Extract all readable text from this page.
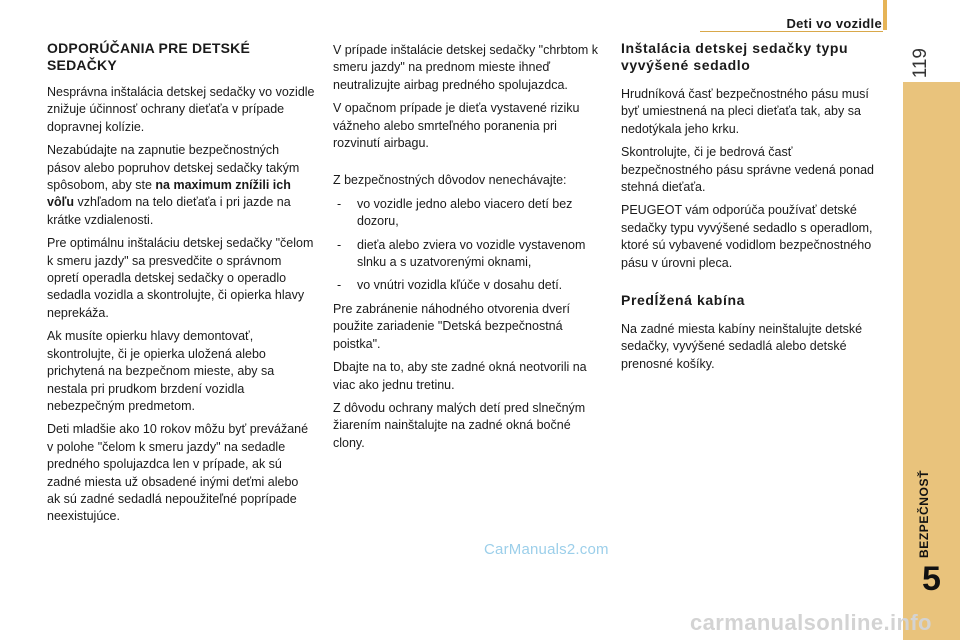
Deti vo vozidle
119
BEZPEČNOSŤ
5
ODPORÚČANIA PRE DETSKÉ SEDAČKY

Nesprávna inštalácia detskej sedačky vo vozidle znižuje účinnosť ochrany dieťaťa v prípade dopravnej kolízie.

Nezabúdajte na zapnutie bezpečnostných pásov alebo popruhov detskej sedačky takým spôsobom, aby ste na maximum znížili ich vôľu vzhľadom na telo dieťaťa i pri jazde na krátke vzdialenosti.

Pre optimálnu inštaláciu detskej sedačky "čelom k smeru jazdy" sa presvedčite o správnom opretí operadla detskej sedačky o operadlo sedadla vozidla a skontrolujte, či opierka hlavy neprekáža.

Ak musíte opierku hlavy demontovať, skontrolujte, či je opierka uložená alebo prichytená na bezpečnom mieste, aby sa nestala pri prudkom brzdení vozidla nebezpečným predmetom.

Deti mladšie ako 10 rokov môžu byť prevážané v polohe "čelom k smeru jazdy" na sedadle predného spolujazdca len v prípade, ak sú zadné miesta už obsadené inými deťmi alebo ak sú zadné sedadlá nepoužiteľné poprípade neexistujúce.

V prípade inštalácie detskej sedačky "chrbtom k smeru jazdy" na prednom mieste ihneď neutralizujte airbag predného spolujazdca.

V opačnom prípade je dieťa vystavené riziku vážneho alebo smrteľného poranenia pri rozvinutí airbagu.

Z bezpečnostných dôvodov nenechávajte:

- vo vozidle jedno alebo viacero detí bez dozoru,
- dieťa alebo zviera vo vozidle vystavenom slnku a s uzatvorenými oknami,
- vo vnútri vozidla kľúče v dosahu detí.

Pre zabránenie náhodného otvorenia dverí použite zariadenie "Detská bezpečnostná poistka".

Dbajte na to, aby ste zadné okná neotvorili na viac ako jednu tretinu.

Z dôvodu ochrany malých detí pred slnečným žiarením nainštalujte na zadné okná bočné clony.

Inštalácia detskej sedačky typu vyvýšené sedadlo

Hrudníková časť bezpečnostného pásu musí byť umiestnená na pleci dieťaťa tak, aby sa nedotýkala jeho krku.

Skontrolujte, či je bedrová časť bezpečnostného pásu správne vedená ponad stehná dieťaťa.

PEUGEOT vám odporúča používať detské sedačky typu vyvýšené sedadlo s operadlom, ktoré sú vybavené vodidlom bezpečnostného pásu v úrovni pleca.

Predĺžená kabína

Na zadné miesta kabíny neinštalujte detské sedačky, vyvýšené sedadlá alebo detské prenosné košíky.

CarManuals2.com
carmanualsonline.info
